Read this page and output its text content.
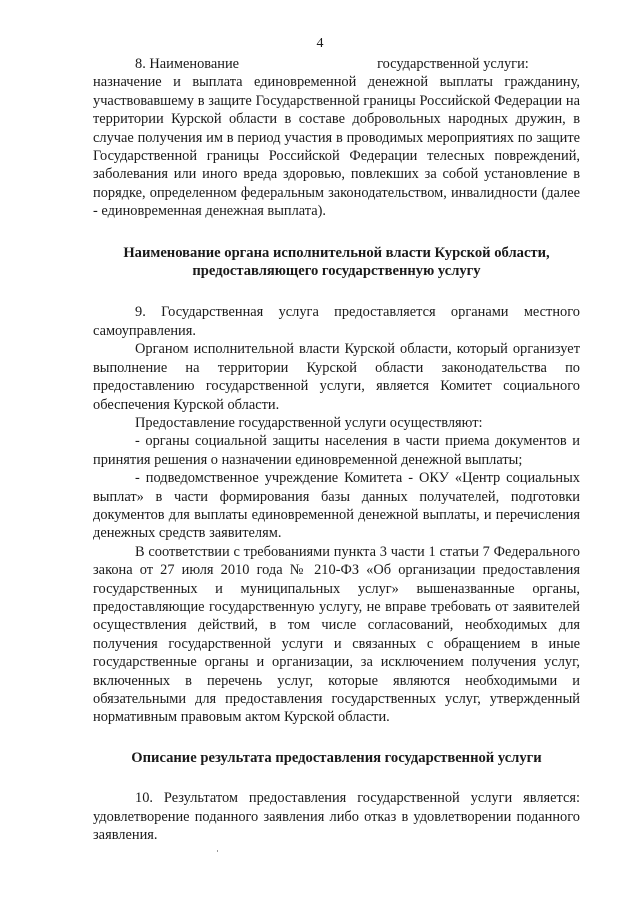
4

8. Наименование	государственной услуги:

назначение и выплата единовременной денежной выплаты гражданину, участвовавшему в защите Государственной границы Российской Федерации на территории Курской области в составе добровольных народных дружин, в случае получения им в период участия в проводимых мероприятиях по защите Государственной границы Российской Федерации телесных повреждений, заболевания или иного вреда здоровью, повлекших за собой установление в порядке, определенном федеральным законодательством, инвалидности (далее - единовременная денежная выплата).

Наименование органа исполнительной власти Курской области, предоставляющего государственную услугу

9. Государственная услуга предоставляется органами местного самоуправления.

Органом исполнительной власти Курской области, который организует выполнение на территории Курской области законодательства по предоставлению государственной услуги, является Комитет социального обеспечения Курской области.

Предоставление государственной услуги осуществляют:

- органы социальной защиты населения в части приема документов и принятия решения о назначении единовременной денежной выплаты;

- подведомственное учреждение Комитета - ОКУ «Центр социальных выплат» в части формирования базы данных получателей, подготовки документов для выплаты единовременной денежной выплаты, и перечисления денежных средств заявителям.

В соответствии с требованиями пункта 3 части 1 статьи 7 Федерального закона от 27 июля 2010 года № 210-ФЗ «Об организации предоставления государственных и муниципальных услуг» вышеназванные органы, предоставляющие государственную услугу, не вправе требовать от заявителей осуществления действий, в том числе согласований, необходимых для получения государственной услуги и связанных с обращением в иные государственные органы и организации, за исключением получения услуг, включенных в перечень услуг, которые являются необходимыми и обязательными для предоставления государственных услуг, утвержденный нормативным правовым актом Курской области.

Описание результата предоставления государственной услуги

10. Результатом предоставления государственной услуги является: удовлетворение поданного заявления либо отказ в удовлетворении поданного заявления.
